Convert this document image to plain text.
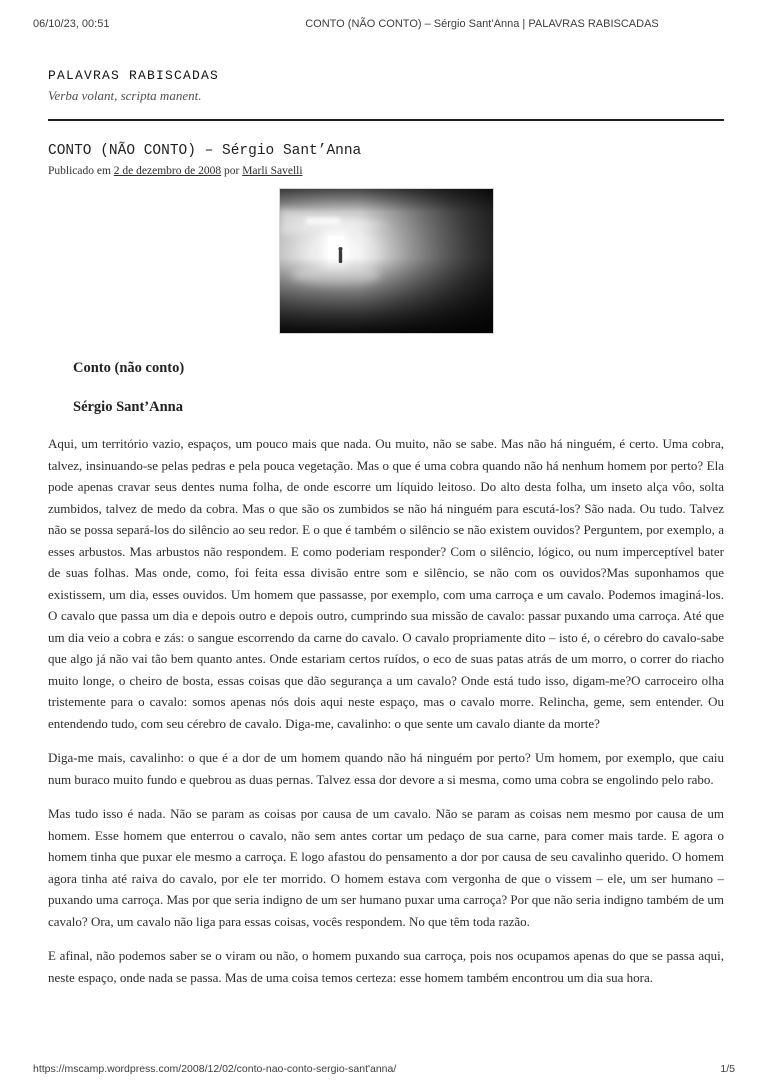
06/10/23, 00:51	CONTO (NÃO CONTO) – Sérgio Sant’Anna | PALAVRAS RABISCADAS
PALAVRAS RABISCADAS

Verba volant, scripta manent.

CONTO (NÃO CONTO) – Sérgio Sant’Anna

Publicado em 2 de dezembro de 2008 por Marli Savelli

Conto (não conto)
Sérgio Sant’Anna

Aqui, um território vazio, espaços, um pouco mais que nada. Ou muito, não se sabe. Mas não há ninguém, é certo. Uma cobra, talvez, insinuando-se pelas pedras e pela pouca vegetação. Mas o que é uma cobra quando não há nenhum homem por perto? Ela pode apenas cravar seus dentes numa folha, de onde escorre um líquido leitoso. Do alto desta folha, um inseto alça vôo, solta zumbidos, talvez de medo da cobra. Mas o que são os zumbidos se não há ninguém para escutá-los? São nada. Ou tudo. Talvez não se possa separá-los do silêncio ao seu redor. E o que é também o silêncio se não existem ouvidos? Perguntem, por exemplo, a esses arbustos. Mas arbustos não respondem. E como poderiam responder? Com o silêncio, lógico, ou num imperceptível bater de suas folhas. Mas onde, como, foi feita essa divisão entre som e silêncio, se não com os ouvidos?Mas suponhamos que existissem, um dia, esses ouvidos. Um homem que passasse, por exemplo, com uma carroça e um cavalo. Podemos imaginá-los. O cavalo que passa um dia e depois outro e depois outro, cumprindo sua missão de cavalo: passar puxando uma carroça. Até que um dia veio a cobra e zás: o sangue escorrendo da carne do cavalo. O cavalo propriamente dito – isto é, o cérebro do cavalo-sabe que algo já não vai tão bem quanto antes. Onde estariam certos ruídos, o eco de suas patas atrás de um morro, o correr do riacho muito longe, o cheiro de bosta, essas coisas que dão segurança a um cavalo? Onde está tudo isso, digam-me?O carroceiro olha tristemente para o cavalo: somos apenas nós dois aqui neste espaço, mas o cavalo morre. Relincha, geme, sem entender. Ou entendendo tudo, com seu cérebro de cavalo. Diga-me, cavalinho: o que sente um cavalo diante da morte?

Diga-me mais, cavalinho: o que é a dor de um homem quando não há ninguém por perto? Um homem, por exemplo, que caiu num buraco muito fundo e quebrou as duas pernas. Talvez essa dor devore a si mesma, como uma cobra se engolindo pelo rabo.

Mas tudo isso é nada. Não se param as coisas por causa de um cavalo. Não se param as coisas nem mesmo por causa de um homem. Esse homem que enterrou o cavalo, não sem antes cortar um pedaço de sua carne, para comer mais tarde. E agora o homem tinha que puxar ele mesmo a carroça. E logo afastou do pensamento a dor por causa de seu cavalinho querido. O homem agora tinha até raiva do cavalo, por ele ter morrido. O homem estava com vergonha de que o vissem – ele, um ser humano – puxando uma carroça. Mas por que seria indigno de um ser humano puxar uma carroça? Por que não seria indigno também de um cavalo? Ora, um cavalo não liga para essas coisas, vocês respondem. No que têm toda razão.

E afinal, não podemos saber se o viram ou não, o homem puxando sua carroça, pois nos ocupamos apenas do que se passa aqui, neste espaço, onde nada se passa. Mas de uma coisa temos certeza: esse homem também encontrou um dia sua hora.

https://mscamp.wordpress.com/2008/12/02/conto-nao-conto-sergio-sant'anna/	1/5
